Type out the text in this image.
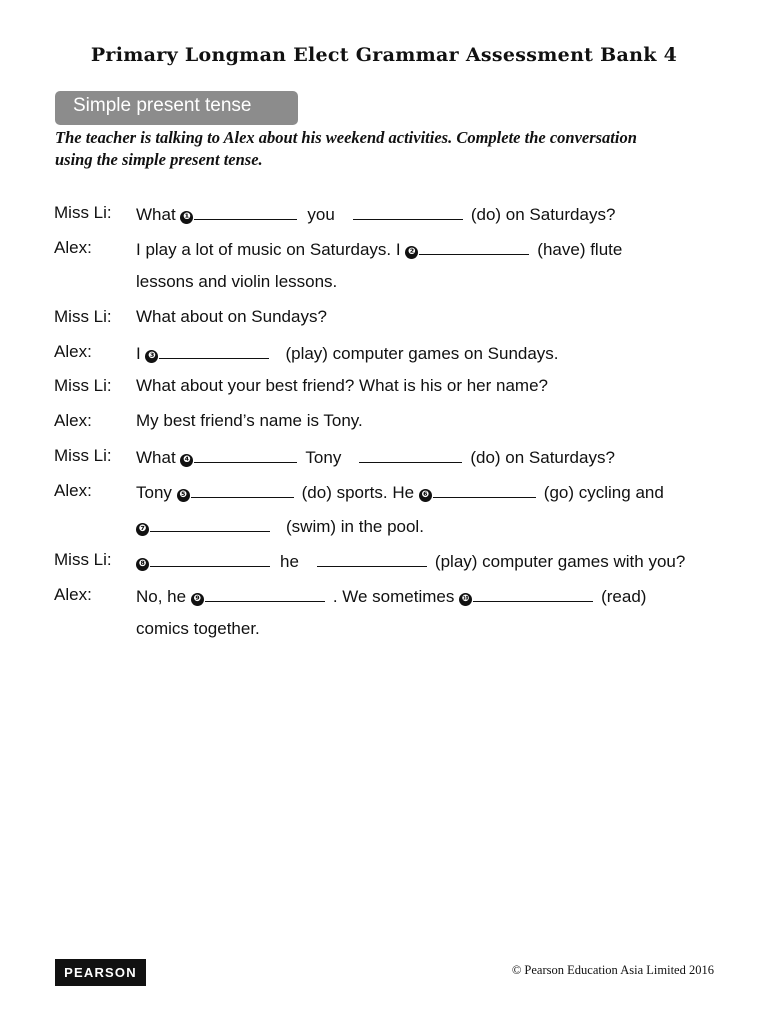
Primary Longman Elect Grammar Assessment Bank 4
Simple present tense
The teacher is talking to Alex about his weekend activities. Complete the conversation
using the simple present tense.
Miss Li: What ❶	you	(do) on Saturdays?
Alex:	I play a lot of music on Saturdays. I ❷	(have) flute
lessons and violin lessons.
Miss Li: What about on Sundays?
Alex:	I ❸	(play) computer games on Sundays.
Miss Li: What about your best friend? What is his or her name?
Alex:	My best friend’s name is Tony.
Miss Li: What ❹	Tony	(do) on Saturdays?
Alex:	Tony ❺	(do) sports. He ❻	(go) cycling and
❼	(swim) in the pool.
Miss Li:	❽	he	(play) computer games with you?
Alex:	No, he ❾	. We sometimes ❿	(read)
comics together.
PEARSON	© Pearson Education Asia Limited 2016
